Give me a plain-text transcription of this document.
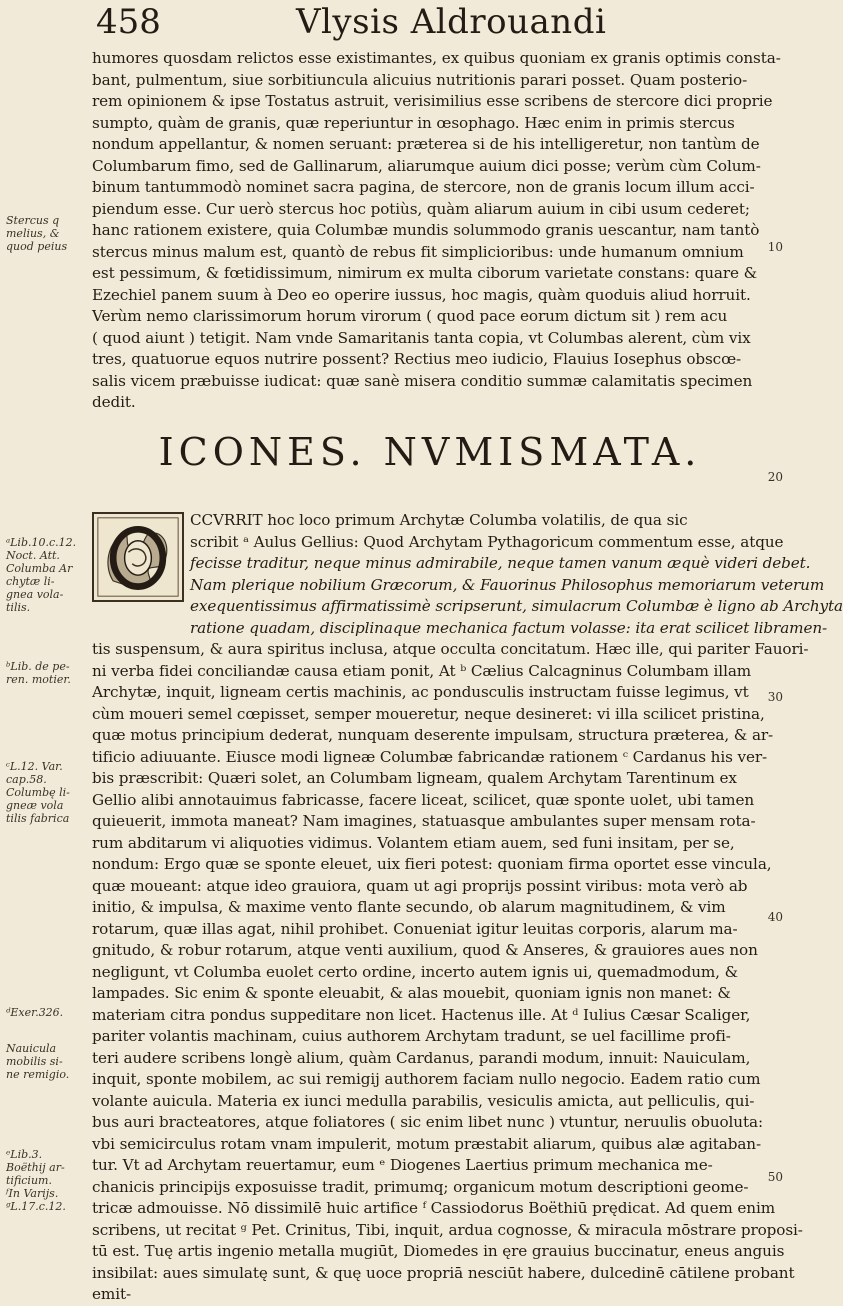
458	Vlysis Aldrouandi
humores quosdam relictos esse existimantes, ex quibus quoniam ex granis optimis consta-
bant, pulmentum, siue sorbitiuncula alicuius nutritionis parari posset. Quam posterio-
rem opinionem & ipse Tostatus astruit, verisimilius esse scribens de stercore dici proprie
sumpto, quàm de granis, quæ reperiuntur in œsophago. Hæc enim in primis stercus
nondum appellantur, & nomen seruant: præterea si de his intelligeretur, non tantùm de
Columbarum fimo, sed de Gallinarum, aliarumque auium dici posse; verùm cùm Colum-
binum tantummodò nominet sacra pagina, de stercore, non de granis locum illum acci-
piendum esse. Cur uerò stercus hoc potiùs, quàm aliarum auium in cibi usum cederet;
hanc rationem existere, quia Columbæ mundis solummodo granis uescantur, nam tantò
stercus minus malum est, quantò de rebus fit simplicioribus: unde humanum omnium
est pessimum, & fœtidissimum, nimirum ex multa ciborum varietate constans: quare &
Ezechiel panem suum à Deo eo operire iussus, hoc magis, quàm quoduis aliud horruit.
Verùm nemo clarissimorum horum virorum ( quod pace eorum dictum sit ) rem acu
( quod aiunt ) tetigit. Nam vnde Samaritanis tanta copia, vt Columbas alerent, cùm vix
tres, quatuorue equos nutrire possent? Rectius meo iudicio, Flauius Iosephus obscœ-
salis vicem præbuisse iudicat: quæ sanè misera conditio summæ calamitatis specimen
dedit.
ICONES. NVMISMATA.
CCVRRIT hoc loco primum Archytæ Columba volatilis, de qua sic
scribit ᵃ Aulus Gellius: Quod Archytam Pythagoricum commentum esse, atque
fecisse traditur, neque minus admirabile, neque tamen vanum æquè videri debet.
Nam plerique nobilium Græcorum, & Fauorinus Philosophus memoriarum veterum
exequentissimus affirmatissimè scripserunt, simulacrum Columbæ è ligno ab Archyta
ratione quadam, disciplinaque mechanica factum volasse: ita erat scilicet libramen-
tis suspensum, & aura spiritus inclusa, atque occulta concitatum. Hæc ille, qui pariter Fauori-
ni verba fidei conciliandæ causa etiam ponit, At ᵇ Cælius Calcagninus Columbam illam
Archytæ, inquit, ligneam certis machinis, ac pondusculis instructam fuisse legimus, vt
cùm moueri semel cœpisset, semper moueretur, neque desineret: vi illa scilicet pristina,
quæ motus principium dederat, nunquam deserente impulsam, structura præterea, & ar-
tificio adiuuante. Eiusce modi ligneæ Columbæ fabricandæ rationem ᶜ Cardanus his ver-
bis præscribit: Quæri solet, an Columbam ligneam, qualem Archytam Tarentinum ex
Gellio alibi annotauimus fabricasse, facere liceat, scilicet, quæ sponte uolet, ubi tamen
quieuerit, immota maneat? Nam imagines, statuasque ambulantes super mensam rota-
rum abditarum vi aliquoties vidimus. Volantem etiam auem, sed funi insitam, per se,
nondum: Ergo quæ se sponte eleuet, uix fieri potest: quoniam firma oportet esse vincula,
quæ moueant: atque ideo grauiora, quam ut agi proprijs possint viribus: mota verò ab
initio, & impulsa, & maxime vento flante secundo, ob alarum magnitudinem, & vim
rotarum, quæ illas agat, nihil prohibet. Conueniat igitur leuitas corporis, alarum ma-
gnitudo, & robur rotarum, atque venti auxilium, quod & Anseres, & grauiores aues non
negligunt, vt Columba euolet certo ordine, incerto autem ignis ui, quemadmodum, &
lampades. Sic enim & sponte eleuabit, & alas mouebit, quoniam ignis non manet: &
materiam citra pondus suppeditare non licet. Hactenus ille. At ᵈ Iulius Cæsar Scaliger,
pariter volantis machinam, cuius authorem Archytam tradunt, se uel facillime profi-
teri audere scribens longè alium, quàm Cardanus, parandi modum, innuit: Nauiculam,
inquit, sponte mobilem, ac sui remigij authorem faciam nullo negocio. Eadem ratio cum
volante auicula. Materia ex iunci medulla parabilis, vesiculis amicta, aut pelliculis, qui-
bus auri bracteatores, atque foliatores ( sic enim libet nunc ) vtuntur, neruulis obuoluta:
vbi semicirculus rotam vnam impulerit, motum præstabit aliarum, quibus alæ agitaban-
tur. Vt ad Archytam reuertamur, eum ᵉ Diogenes Laertius primum mechanica me-
chanicis principijs exposuisse tradit, primumq; organicum motum descriptioni geome-
tricæ admouisse. Nō dissimilē huic artifice ᶠ Cassiodorus Boëthiū prędicat. Ad quem enim
scribens, ut recitat ᵍ Pet. Crinitus, Tibi, inquit, ardua cognosse, & miracula mōstrare proposi-
tū est. Tuę artis ingenio metalla mugiūt, Diomedes in ęre grauius buccinatur, eneus anguis
insibilat: aues simulatę sunt, & quę uoce propriā nesciūt habere, dulcedinē cātilene probant
emit-
Stercus q
melius, &
quod peius
ᵃLib.10.c.12.
Noct. Att.
Columba Ar
chytæ li-
gnea vola-
tilis.
ᵇLib. de pe-
ren. motier.
ᶜL.12. Var.
cap.58.
Columbę li-
gneæ vola
tilis fabrica
ᵈExer.326.
Nauicula
mobilis si-
ne remigio.
ᵉLib.3.
Boëthij ar-
tificium.
ᶠIn Varijs.
ᵍL.17.c.12.
10
20
30
40
50
